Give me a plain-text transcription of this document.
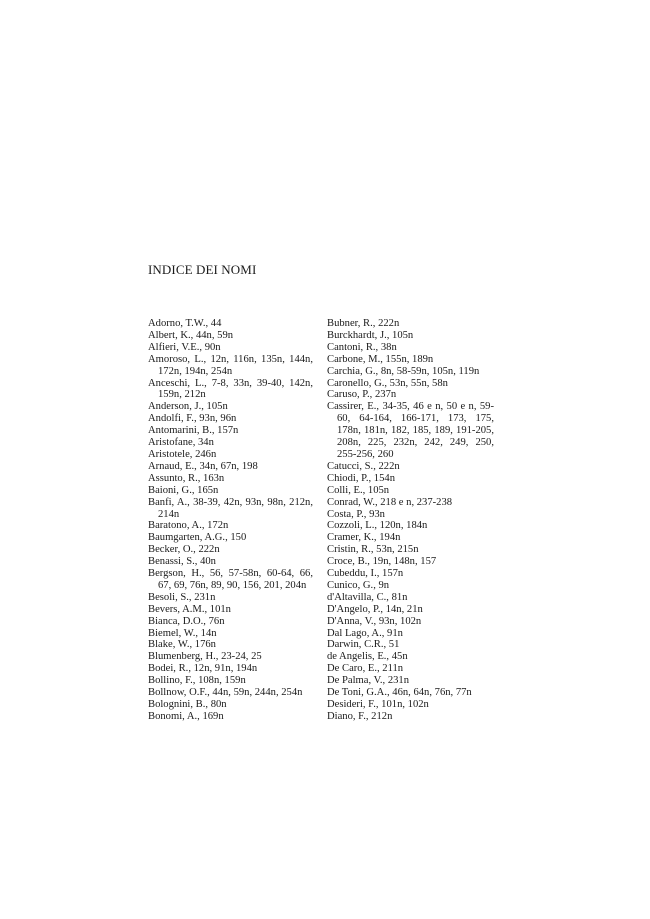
INDICE DEI NOMI

Adorno, T.W., 44

Albert, K., 44n, 59n

Alfieri, V.E., 90n

Amoroso, L., 12n, 116n, 135n, 144n, 172n, 194n, 254n

Anceschi, L., 7-8, 33n, 39-40, 142n, 159n, 212n

Anderson, J., 105n

Andolfi, F., 93n, 96n

Antomarini, B., 157n

Aristofane, 34n

Aristotele, 246n

Arnaud, E., 34n, 67n, 198

Assunto, R., 163n

Baioni, G., 165n

Banfi, A., 38-39, 42n, 93n, 98n, 212n, 214n

Baratono, A., 172n

Baumgarten, A.G., 150

Becker, O., 222n

Benassi, S., 40n

Bergson, H., 56, 57-58n, 60-64, 66, 67, 69, 76n, 89, 90, 156, 201, 204n

Besoli, S., 231n

Bevers, A.M., 101n

Bianca, D.O., 76n

Biemel, W., 14n

Blake, W., 176n

Blumenberg, H., 23-24, 25

Bodei, R., 12n, 91n, 194n

Bollino, F., 108n, 159n

Bollnow, O.F., 44n, 59n, 244n, 254n

Bolognini, B., 80n

Bonomi, A., 169n

Bubner, R., 222n

Burckhardt, J., 105n

Cantoni, R., 38n

Carbone, M., 155n, 189n

Carchia, G., 8n, 58-59n, 105n, 119n

Caronello, G., 53n, 55n, 58n

Caruso, P., 237n

Cassirer, E., 34-35, 46 e n, 50 e n, 59-60, 64-164, 166-171, 173, 175, 178n, 181n, 182, 185, 189, 191-205, 208n, 225, 232n, 242, 249, 250, 255-256, 260

Catucci, S., 222n

Chiodi, P., 154n

Colli, E., 105n

Conrad, W., 218 e n, 237-238

Costa, P., 93n

Cozzoli, L., 120n, 184n

Cramer, K., 194n

Cristin, R., 53n, 215n

Croce, B., 19n, 148n, 157

Cubeddu, I., 157n

Cunico, G., 9n

d'Altavilla, C., 81n

D'Angelo, P., 14n, 21n

D'Anna, V., 93n, 102n

Dal Lago, A., 91n

Darwin, C.R., 51

de Angelis, E., 45n

De Caro, E., 211n

De Palma, V., 231n

De Toni, G.A., 46n, 64n, 76n, 77n

Desideri, F., 101n, 102n

Diano, F., 212n
